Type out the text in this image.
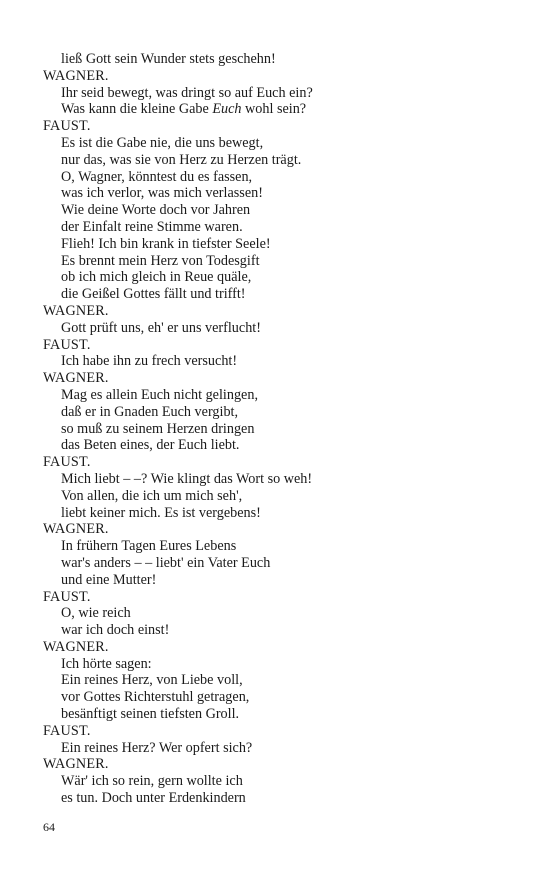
ließ Gott sein Wunder stets geschehn!
WAGNER.
Ihr seid bewegt, was dringt so auf Euch ein?
Was kann die kleine Gabe Euch wohl sein?
FAUST.
Es ist die Gabe nie, die uns bewegt,
nur das, was sie von Herz zu Herzen trägt.
O, Wagner, könntest du es fassen,
was ich verlor, was mich verlassen!
Wie deine Worte doch vor Jahren
der Einfalt reine Stimme waren.
Flieh! Ich bin krank in tiefster Seele!
Es brennt mein Herz von Todesgift
ob ich mich gleich in Reue quäle,
die Geißel Gottes fällt und trifft!
WAGNER.
Gott prüft uns, eh' er uns verflucht!
FAUST.
Ich habe ihn zu frech versucht!
WAGNER.
Mag es allein Euch nicht gelingen,
daß er in Gnaden Euch vergibt,
so muß zu seinem Herzen dringen
das Beten eines, der Euch liebt.
FAUST.
Mich liebt – –? Wie klingt das Wort so weh!
Von allen, die ich um mich seh',
liebt keiner mich. Es ist vergebens!
WAGNER.
In frühern Tagen Eures Lebens
war's anders – – liebt' ein Vater Euch
und eine Mutter!
FAUST.
O, wie reich
war ich doch einst!
WAGNER.
Ich hörte sagen:
Ein reines Herz, von Liebe voll,
vor Gottes Richterstuhl getragen,
besänftigt seinen tiefsten Groll.
FAUST.
Ein reines Herz? Wer opfert sich?
WAGNER.
Wär' ich so rein, gern wollte ich
es tun. Doch unter Erdenkindern
64
